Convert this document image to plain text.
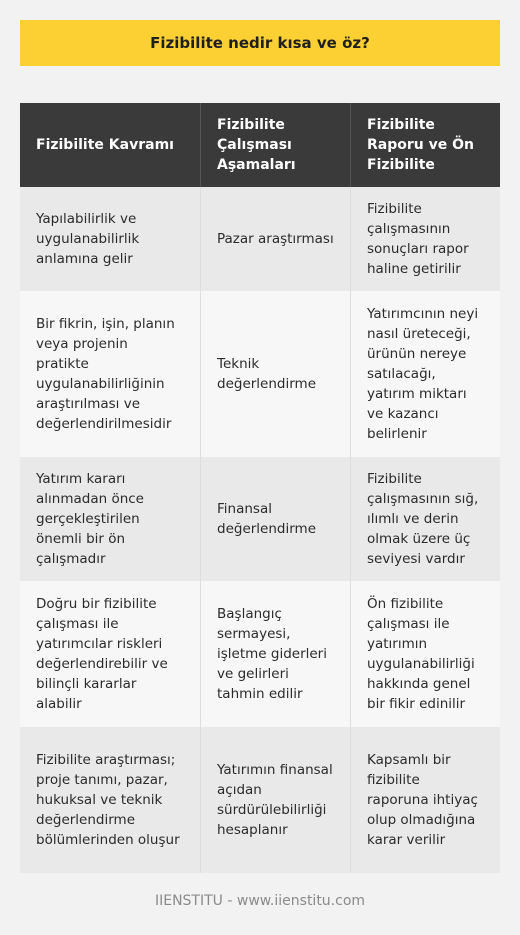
Fizibilite nedir kısa ve öz?
Fizibilite Kavramı	Fizibilite Çalışması Aşamaları	Fizibilite Raporu ve Ön Fizibilite
Yapılabilirlik ve uygulanabilirlik anlamına gelir	Pazar araştırması	Fizibilite çalışmasının sonuçları rapor haline getirilir
Bir fikrin, işin, planın veya projenin pratikte uygulanabilirliğinin araştırılması ve değerlendirilmesidir	Teknik değerlendirme	Yatırımcının neyi nasıl üreteceği, ürünün nereye satılacağı, yatırım miktarı ve kazancı belirlenir
Yatırım kararı alınmadan önce gerçekleştirilen önemli bir ön çalışmadır	Finansal değerlendirme	Fizibilite çalışmasının sığ, ılımlı ve derin olmak üzere üç seviyesi vardır
Doğru bir fizibilite çalışması ile yatırımcılar riskleri değerlendirebilir ve bilinçli kararlar alabilir	Başlangıç sermayesi, işletme giderleri ve gelirleri tahmin edilir	Ön fizibilite çalışması ile yatırımın uygulanabilirliği hakkında genel bir fikir edinilir
Fizibilite araştırması; proje tanımı, pazar, hukuksal ve teknik değerlendirme bölümlerinden oluşur	Yatırımın finansal açıdan sürdürülebilirliği hesaplanır	Kapsamlı bir fizibilite raporuna ihtiyaç olup olmadığına karar verilir
IIENSTITU - www.iienstitu.com
